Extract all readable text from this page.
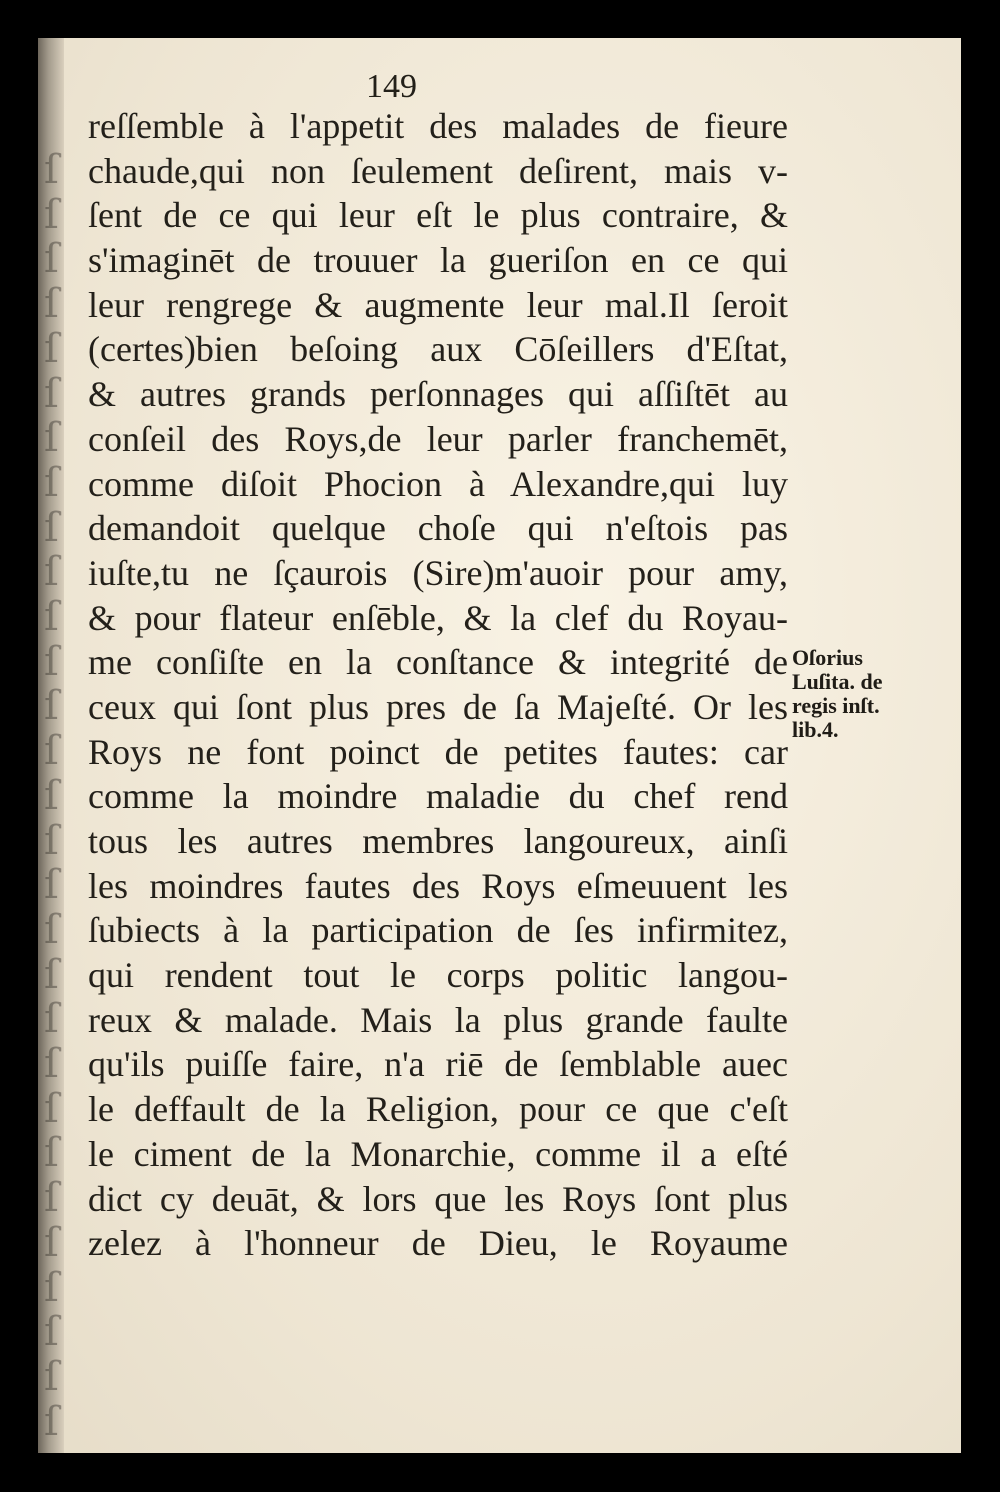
ſ
ſ
ſ
ſ
ſ
ſ
ſ
ſ
ſ
ſ
ſ
ſ
ſ
ſ
ſ
ſ
ſ
ſ
ſ
ſ
ſ
ſ
ſ
ſ
ſ
ſ
ſ
ſ
ſ
149
reſſemble à l'appetit des malades de fieure
chaude,qui non ſeulement deſirent, mais v-
ſent de ce qui leur eſt le plus contraire, &
s'imaginēt de trouuer la gueriſon en ce qui
leur rengrege & augmente leur mal.Il ſeroit
(certes)bien beſoing aux Cōſeillers d'Eſtat,
& autres grands perſonnages qui aſſiſtēt au
conſeil des Roys,de leur parler franchemēt,
comme diſoit Phocion à Alexandre,qui luy
demandoit quelque choſe qui n'eſtois pas
iuſte,tu ne ſçaurois (Sire)m'auoir pour amy,
& pour flateur enſēble, & la clef du Royau-
me conſiſte en la conſtance & integrité de
ceux qui ſont plus pres de ſa Majeſté. Or les
Roys ne font poinct de petites fautes: car
comme la moindre maladie du chef rend
tous les autres membres langoureux, ainſi
les moindres fautes des Roys eſmeuuent les
ſubiects à la participation de ſes infirmitez,
qui rendent tout le corps politic langou-
reux & malade. Mais la plus grande faulte
qu'ils puiſſe faire, n'a riē de ſemblable auec
le deffault de la Religion, pour ce que c'eſt
le ciment de la Monarchie, comme il a eſté
dict cy deuāt, & lors que les Roys ſont plus
zelez à l'honneur de Dieu, le Royaume
Oſorius
Luſita. de
regis inſt.
lib.4.
